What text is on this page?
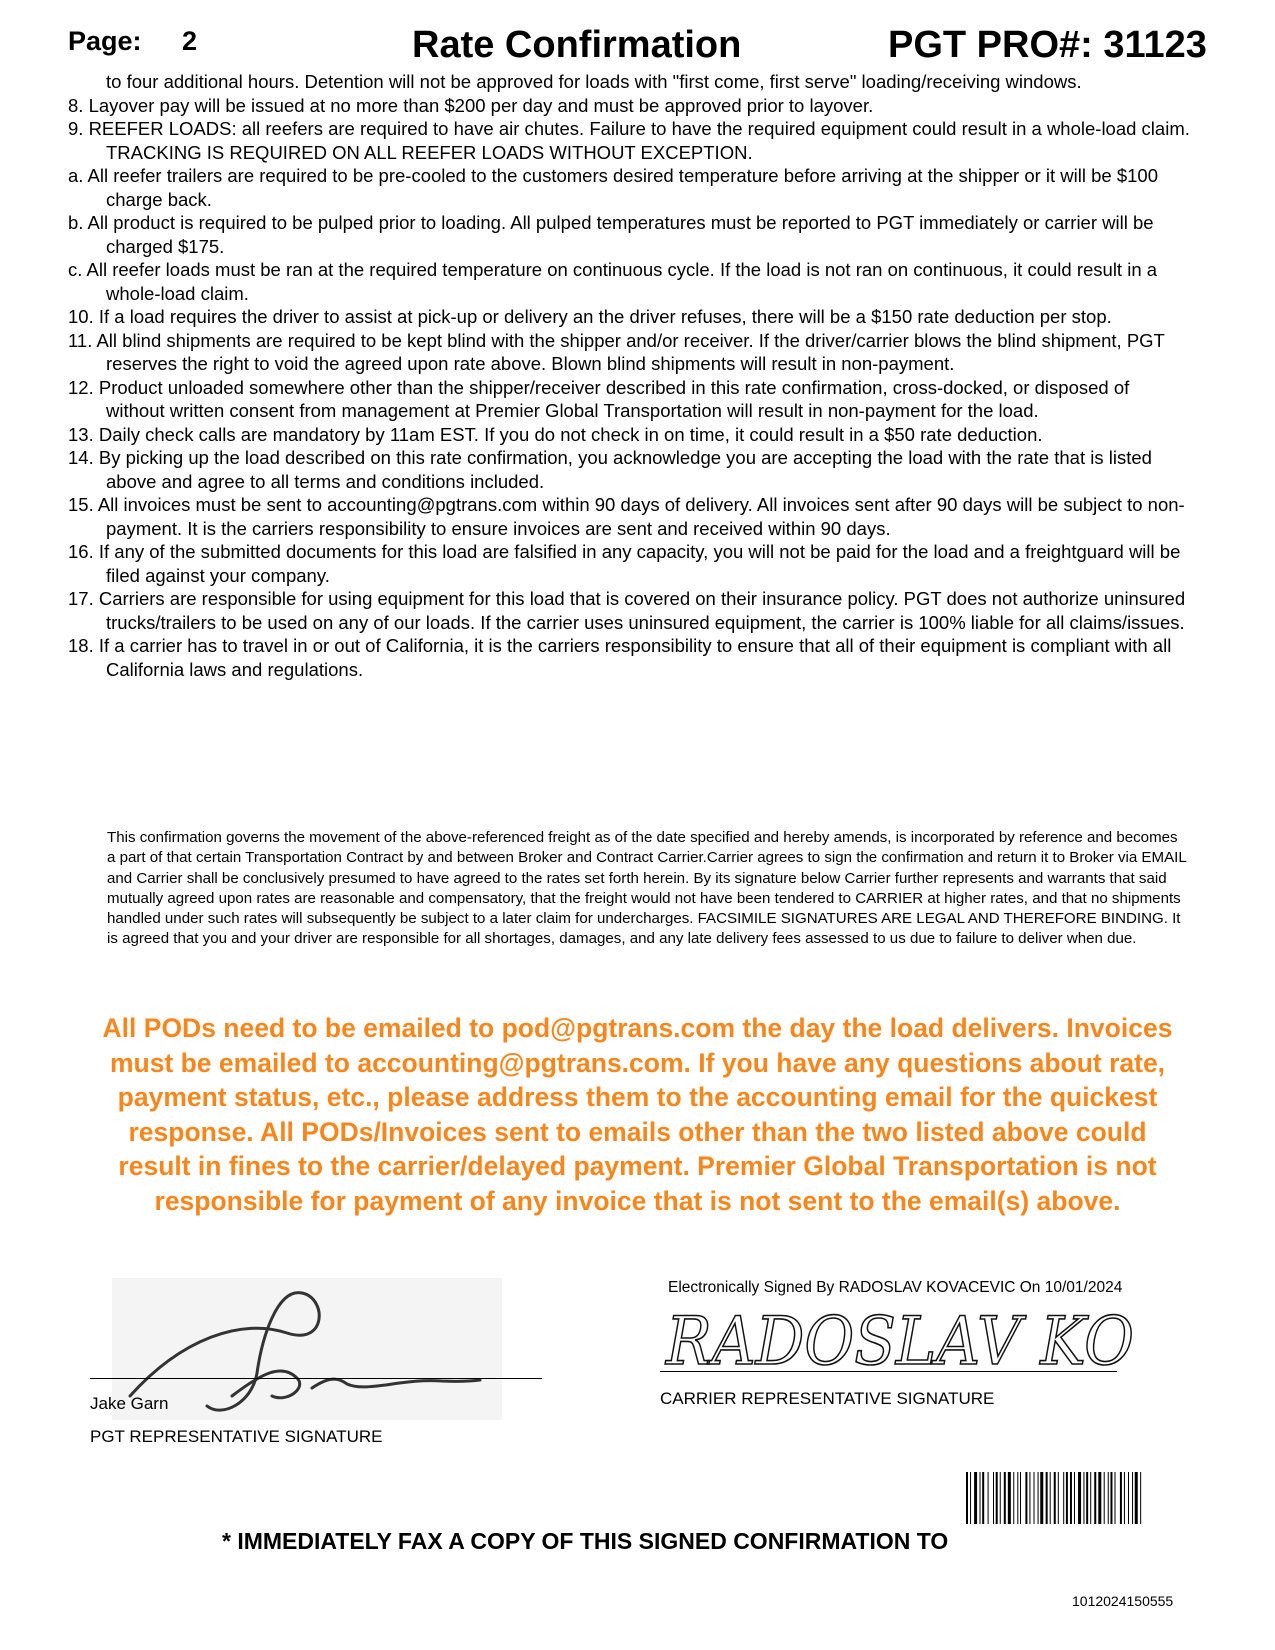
Page: 2	Rate Confirmation	PGT PRO#: 31123

to four additional hours. Detention will not be approved for loads with "first come, first serve" loading/receiving windows.

8. Layover pay will be issued at no more than $200 per day and must be approved prior to layover.

9. REEFER LOADS: all reefers are required to have air chutes. Failure to have the required equipment could result in a whole-load claim. TRACKING IS REQUIRED ON ALL REEFER LOADS WITHOUT EXCEPTION.

a. All reefer trailers are required to be pre-cooled to the customers desired temperature before arriving at the shipper or it will be $100 charge back.

b. All product is required to be pulped prior to loading. All pulped temperatures must be reported to PGT immediately or carrier will be charged $175.

c. All reefer loads must be ran at the required temperature on continuous cycle. If the load is not ran on continuous, it could result in a whole-load claim.

10. If a load requires the driver to assist at pick-up or delivery an the driver refuses, there will be a $150 rate deduction per stop.

11. All blind shipments are required to be kept blind with the shipper and/or receiver. If the driver/carrier blows the blind shipment, PGT reserves the right to void the agreed upon rate above. Blown blind shipments will result in non-payment.

12. Product unloaded somewhere other than the shipper/receiver described in this rate confirmation, cross-docked, or disposed of without written consent from management at Premier Global Transportation will result in non-payment for the load.

13. Daily check calls are mandatory by 11am EST. If you do not check in on time, it could result in a $50 rate deduction.

14. By picking up the load described on this rate confirmation, you acknowledge you are accepting the load with the rate that is listed above and agree to all terms and conditions included.

15. All invoices must be sent to accounting@pgtrans.com within 90 days of delivery. All invoices sent after 90 days will be subject to non-payment. It is the carriers responsibility to ensure invoices are sent and received within 90 days.

16. If any of the submitted documents for this load are falsified in any capacity, you will not be paid for the load and a freightguard will be filed against your company.

17. Carriers are responsible for using equipment for this load that is covered on their insurance policy. PGT does not authorize uninsured trucks/trailers to be used on any of our loads. If the carrier uses uninsured equipment, the carrier is 100% liable for all claims/issues.

18. If a carrier has to travel in or out of California, it is the carriers responsibility to ensure that all of their equipment is compliant with all California laws and regulations.

This confirmation governs the movement of the above-referenced freight as of the date specified and hereby amends, is incorporated by reference and becomes a part of that certain Transportation Contract by and between Broker and Contract Carrier.Carrier agrees to sign the confirmation and return it to Broker via EMAIL and Carrier shall be conclusively presumed to have agreed to the rates set forth herein. By its signature below Carrier further represents and warrants that said mutually agreed upon rates are reasonable and compensatory, that the freight would not have been tendered to CARRIER at higher rates, and that no shipments handled under such rates will subsequently be subject to a later claim for undercharges. FACSIMILE SIGNATURES ARE LEGAL AND THEREFORE BINDING. It is agreed that you and your driver are responsible for all shortages, damages, and any late delivery fees assessed to us due to failure to deliver when due.
All PODs need to be emailed to pod@pgtrans.com the day the load delivers. Invoices must be emailed to accounting@pgtrans.com. If you have any questions about rate, payment status, etc., please address them to the accounting email for the quickest response. All PODs/Invoices sent to emails other than the two listed above could result in fines to the carrier/delayed payment. Premier Global Transportation is not responsible for payment of any invoice that is not sent to the email(s) above.
Jake Garn
PGT REPRESENTATIVE SIGNATURE
Electronically Signed By RADOSLAV KOVACEVIC On 10/01/2024
RADOSLAV KO
CARRIER REPRESENTATIVE SIGNATURE
* IMMEDIATELY FAX A COPY OF THIS SIGNED CONFIRMATION TO
1012024150555
